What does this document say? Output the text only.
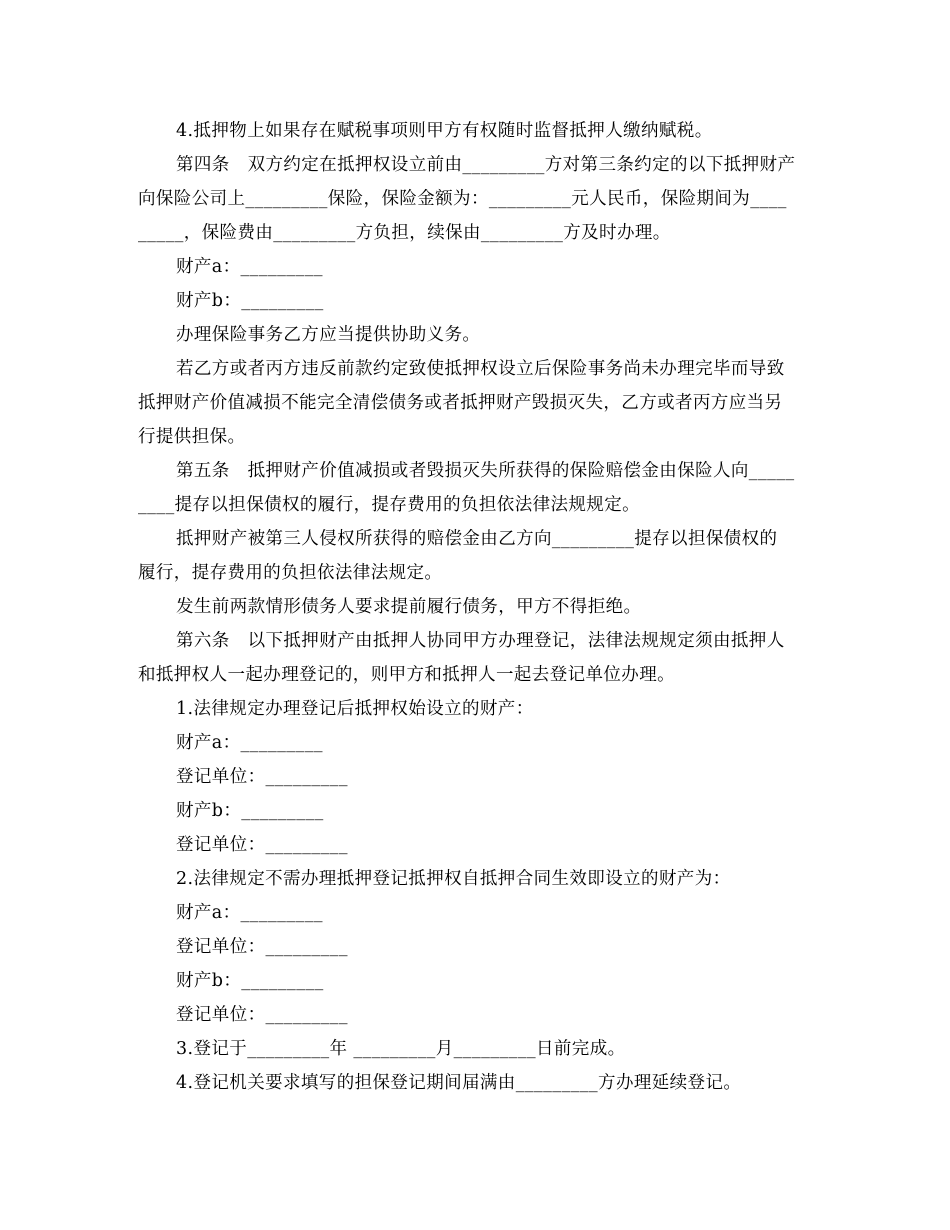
4.抵押物上如果存在赋税事项则甲方有权随时监督抵押人缴纳赋税。
第四条　双方约定在抵押权设立前由_________方对第三条约定的以下抵押财产
向保险公司上_________保险，保险金额为：_________元人民币，保险期间为____
_____，保险费由_________方负担，续保由_________方及时办理。
财产a：_________
财产b：_________
办理保险事务乙方应当提供协助义务。
若乙方或者丙方违反前款约定致使抵押权设立后保险事务尚未办理完毕而导致
抵押财产价值减损不能完全清偿债务或者抵押财产毁损灭失，乙方或者丙方应当另
行提供担保。
第五条　抵押财产价值减损或者毁损灭失所获得的保险赔偿金由保险人向_____
____提存以担保债权的履行，提存费用的负担依法律法规规定。
抵押财产被第三人侵权所获得的赔偿金由乙方向_________提存以担保债权的
履行，提存费用的负担依法律法规定。
发生前两款情形债务人要求提前履行债务，甲方不得拒绝。
第六条　以下抵押财产由抵押人协同甲方办理登记，法律法规规定须由抵押人
和抵押权人一起办理登记的，则甲方和抵押人一起去登记单位办理。
1.法律规定办理登记后抵押权始设立的财产：
财产a：_________
登记单位：_________
财产b：_________
登记单位：_________
2.法律规定不需办理抵押登记抵押权自抵押合同生效即设立的财产为：
财产a：_________
登记单位：_________
财产b：_________
登记单位：_________
3.登记于_________年 _________月_________日前完成。
4.登记机关要求填写的担保登记期间届满由_________方办理延续登记。
